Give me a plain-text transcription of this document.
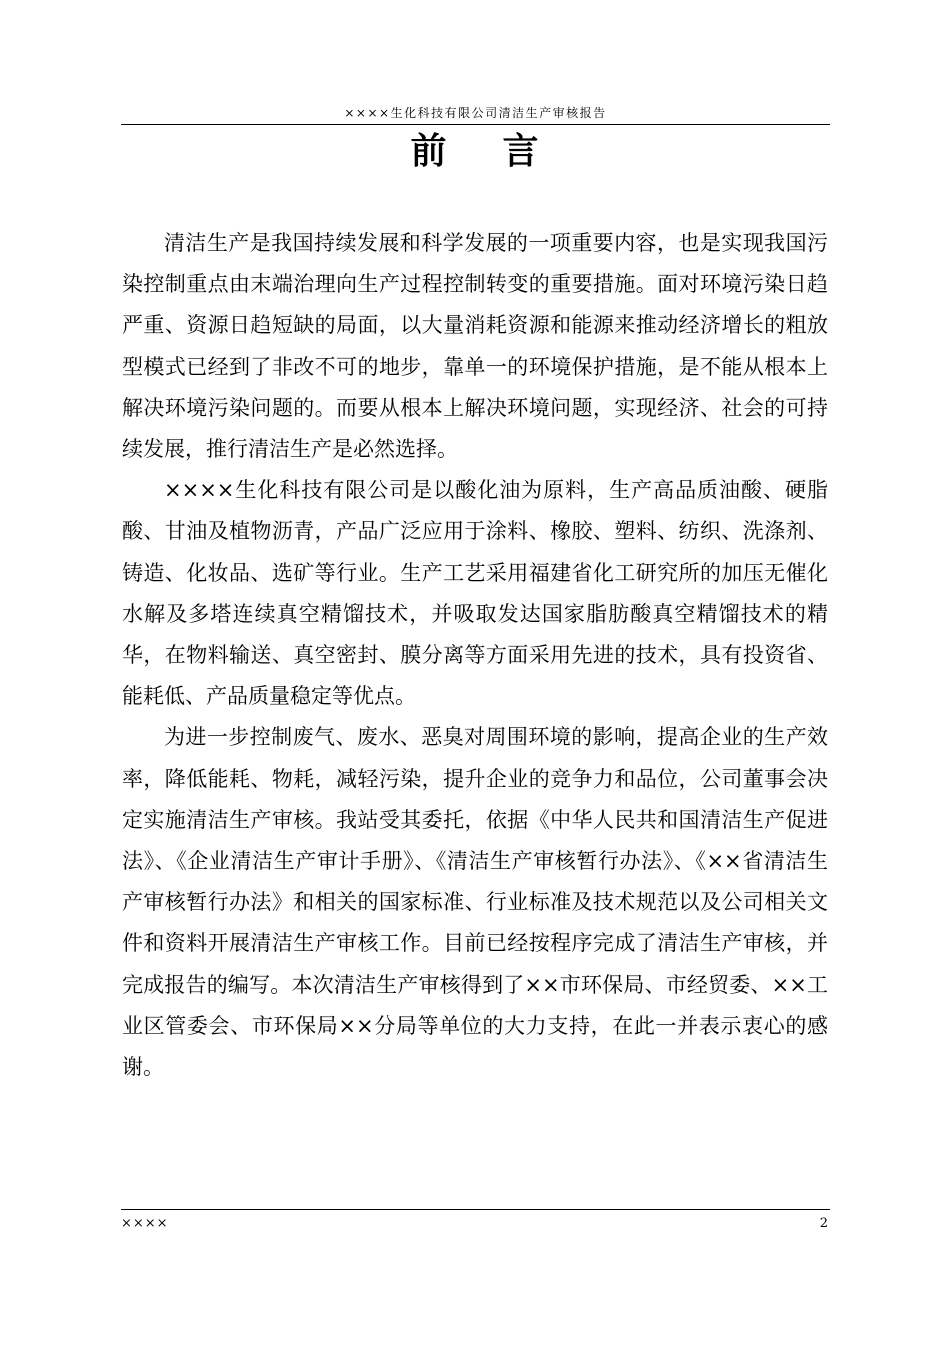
××××生化科技有限公司清洁生产审核报告
前 言

清洁生产是我国持续发展和科学发展的一项重要内容，也是实现我国污染控制重点由末端治理向生产过程控制转变的重要措施。面对环境污染日趋严重、资源日趋短缺的局面，以大量消耗资源和能源来推动经济增长的粗放型模式已经到了非改不可的地步，靠单一的环境保护措施，是不能从根本上解决环境污染问题的。而要从根本上解决环境问题，实现经济、社会的可持续发展，推行清洁生产是必然选择。

××××生化科技有限公司是以酸化油为原料，生产高品质油酸、硬脂酸、甘油及植物沥青，产品广泛应用于涂料、橡胶、塑料、纺织、洗涤剂、铸造、化妆品、选矿等行业。生产工艺采用福建省化工研究所的加压无催化水解及多塔连续真空精馏技术，并吸取发达国家脂肪酸真空精馏技术的精华，在物料输送、真空密封、膜分离等方面采用先进的技术，具有投资省、能耗低、产品质量稳定等优点。

为进一步控制废气、废水、恶臭对周围环境的影响，提高企业的生产效率，降低能耗、物耗，减轻污染，提升企业的竞争力和品位，公司董事会决定实施清洁生产审核。我站受其委托，依据《中华人民共和国清洁生产促进法》、《企业清洁生产审计手册》、《清洁生产审核暂行办法》、《××省清洁生产审核暂行办法》和相关的国家标准、行业标准及技术规范以及公司相关文件和资料开展清洁生产审核工作。目前已经按程序完成了清洁生产审核，并完成报告的编写。本次清洁生产审核得到了××市环保局、市经贸委、××工业区管委会、市环保局××分局等单位的大力支持，在此一并表示衷心的感谢。

××××	2
